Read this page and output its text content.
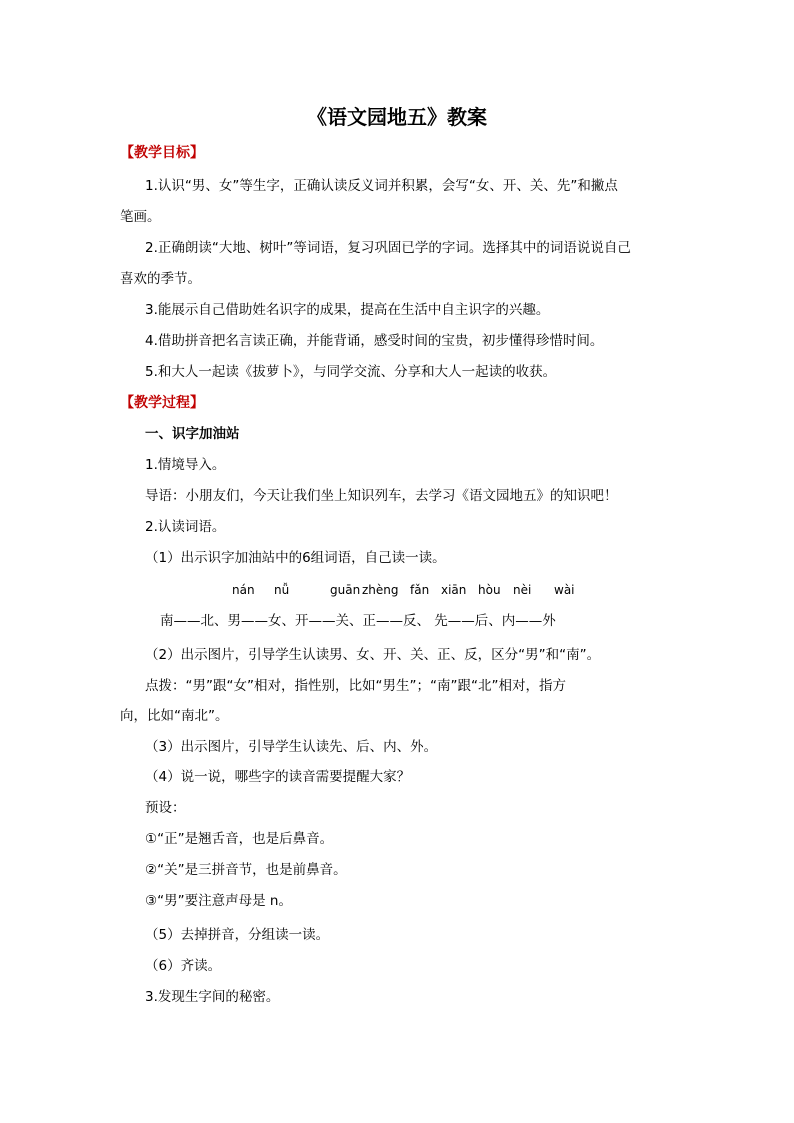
《语文园地五》教案
【教学目标】
1.认识“男、女”等生字，正确认读反义词并积累，会写“女、开、关、先”和撇点
笔画。
2.正确朗读“大地、树叶”等词语，复习巩固已学的字词。选择其中的词语说说自己
喜欢的季节。
3.能展示自己借助姓名识字的成果，提高在生活中自主识字的兴趣。
4.借助拼音把名言读正确，并能背诵，感受时间的宝贵，初步懂得珍惜时间。
5.和大人一起读《拔萝卜》，与同学交流、分享和大人一起读的收获。
【教学过程】
一、识字加油站
1.情境导入。
导语：小朋友们，今天让我们坐上知识列车，去学习《语文园地五》的知识吧！
2.认读词语。
（1）出示识字加油站中的6组词语，自己读一读。
nán nǚ	guān zhèng fǎn xiān hòu nèi wài
南——北、男——女、开——关、正——反、 先——后、内——外
（2）出示图片，引导学生认读男、女、开、关、正、反，区分“男”和“南”。
点拨：“男”跟“女”相对，指性别，比如“男生”；“南”跟“北”相对，指方
向，比如“南北”。
（3）出示图片，引导学生认读先、后、内、外。
（4）说一说，哪些字的读音需要提醒大家？
预设：
①“正”是翘舌音，也是后鼻音。
②“关”是三拼音节，也是前鼻音。
③“男”要注意声母是 n。
（5）去掉拼音，分组读一读。
（6）齐读。
3.发现生字间的秘密。
